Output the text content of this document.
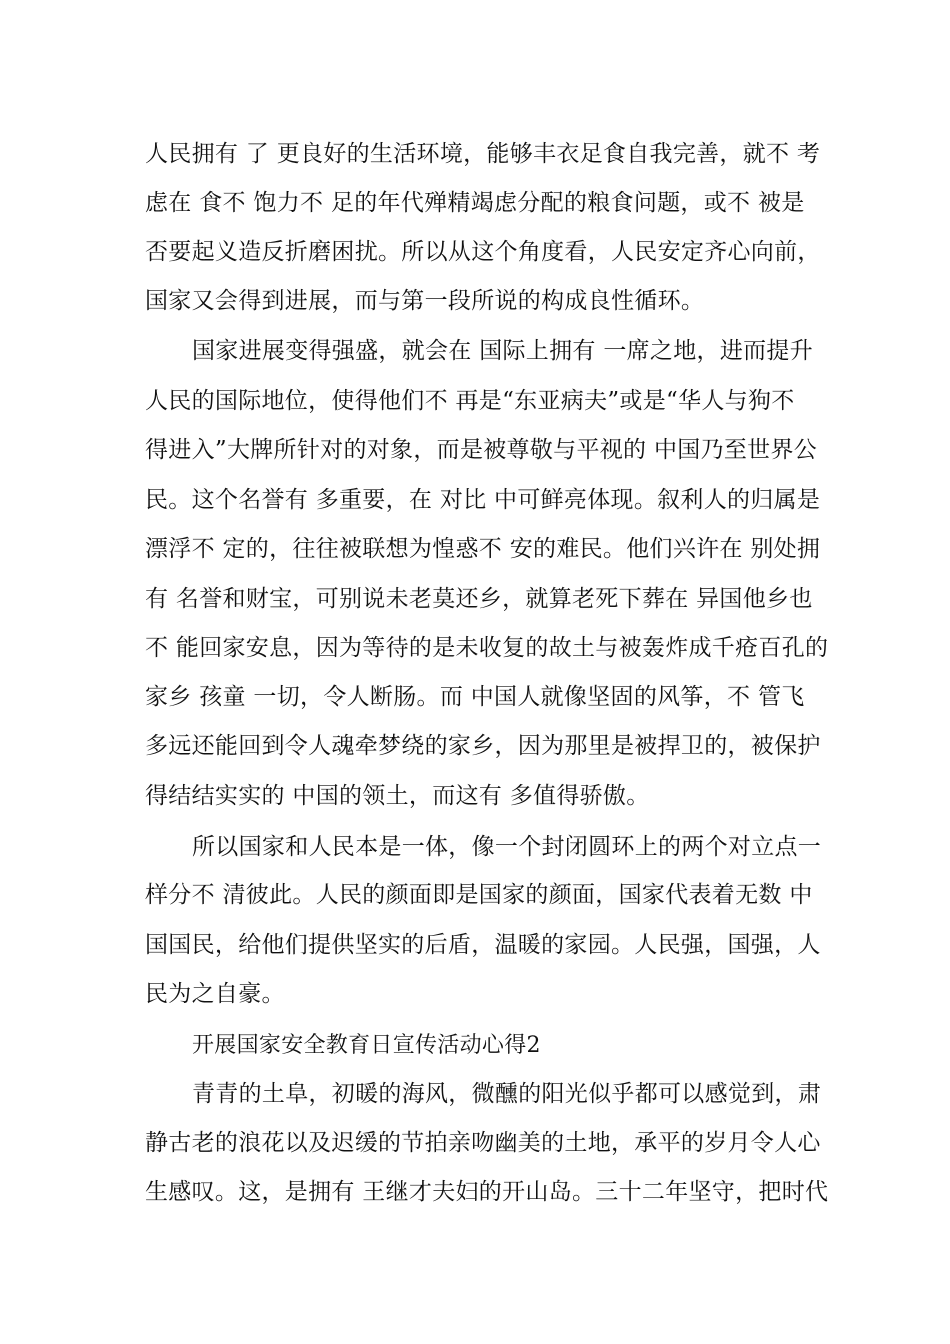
人民拥有 了 更良好的生活环境，能够丰衣足食自我完善，就不 考
虑在 食不 饱力不 足的年代殚精竭虑分配的粮食问题，或不 被是
否要起义造反折磨困扰。所以从这个角度看，人民安定齐心向前，
国家又会得到进展，而与第一段所说的构成良性循环。
国家进展变得强盛，就会在 国际上拥有 一席之地，进而提升
人民的国际地位，使得他们不 再是“东亚病夫”或是“华人与狗不
得进入”大牌所针对的对象，而是被尊敬与平视的 中国乃至世界公
民。这个名誉有 多重要，在 对比 中可鲜亮体现。叙利人的归属是
漂浮不 定的，往往被联想为惶惑不 安的难民。他们兴许在 别处拥
有 名誉和财宝，可别说未老莫还乡，就算老死下葬在 异国他乡也
不 能回家安息，因为等待的是未收复的故土与被轰炸成千疮百孔的
家乡 孩童 一切，令人断肠。而 中国人就像坚固的风筝，不 管飞
多远还能回到令人魂牵梦绕的家乡，因为那里是被捍卫的，被保护
得结结实实的 中国的领土，而这有 多值得骄傲。
所以国家和人民本是一体，像一个封闭圆环上的两个对立点一
样分不 清彼此。人民的颜面即是国家的颜面，国家代表着无数 中
国国民，给他们提供坚实的后盾，温暖的家园。人民强，国强，人
民为之自豪。
开展国家安全教育日宣传活动心得2
青青的土阜，初暖的海风，微醺的阳光似乎都可以感觉到，肃
静古老的浪花以及迟缓的节拍亲吻幽美的土地，承平的岁月令人心
生感叹。这，是拥有 王继才夫妇的开山岛。三十二年坚守，把时代
